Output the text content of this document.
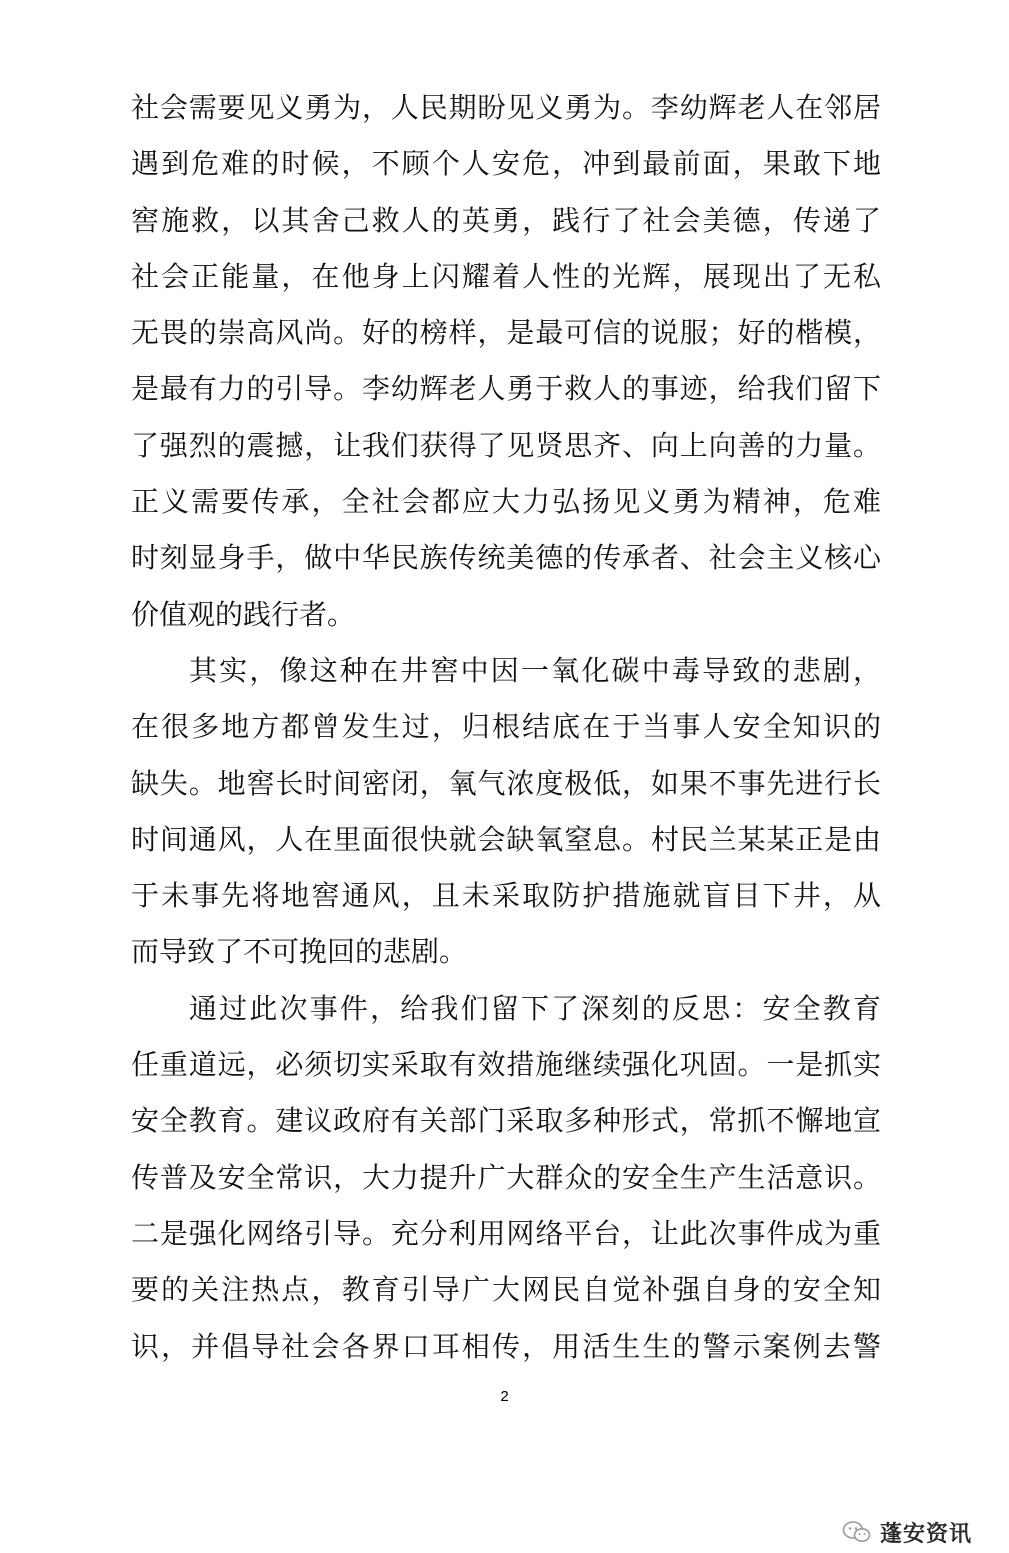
社会需要见义勇为，人民期盼见义勇为。李幼辉老人在邻居
遇到危难的时候，不顾个人安危，冲到最前面，果敢下地
窖施救，以其舍己救人的英勇，践行了社会美德，传递了
社会正能量，在他身上闪耀着人性的光辉，展现出了无私
无畏的崇高风尚。好的榜样，是最可信的说服；好的楷模，
是最有力的引导。李幼辉老人勇于救人的事迹，给我们留下
了强烈的震撼，让我们获得了见贤思齐、向上向善的力量。
正义需要传承，全社会都应大力弘扬见义勇为精神，危难
时刻显身手，做中华民族传统美德的传承者、社会主义核心
价值观的践行者。
其实，像这种在井窖中因一氧化碳中毒导致的悲剧，
在很多地方都曾发生过，归根结底在于当事人安全知识的
缺失。地窖长时间密闭，氧气浓度极低，如果不事先进行长
时间通风，人在里面很快就会缺氧窒息。村民兰某某正是由
于未事先将地窖通风，且未采取防护措施就盲目下井，从
而导致了不可挽回的悲剧。
通过此次事件，给我们留下了深刻的反思：安全教育
任重道远，必须切实采取有效措施继续强化巩固。一是抓实
安全教育。建议政府有关部门采取多种形式，常抓不懈地宣
传普及安全常识，大力提升广大群众的安全生产生活意识。
二是强化网络引导。充分利用网络平台，让此次事件成为重
要的关注热点，教育引导广大网民自觉补强自身的安全知
识，并倡导社会各界口耳相传，用活生生的警示案例去警
2
蓬安资讯
